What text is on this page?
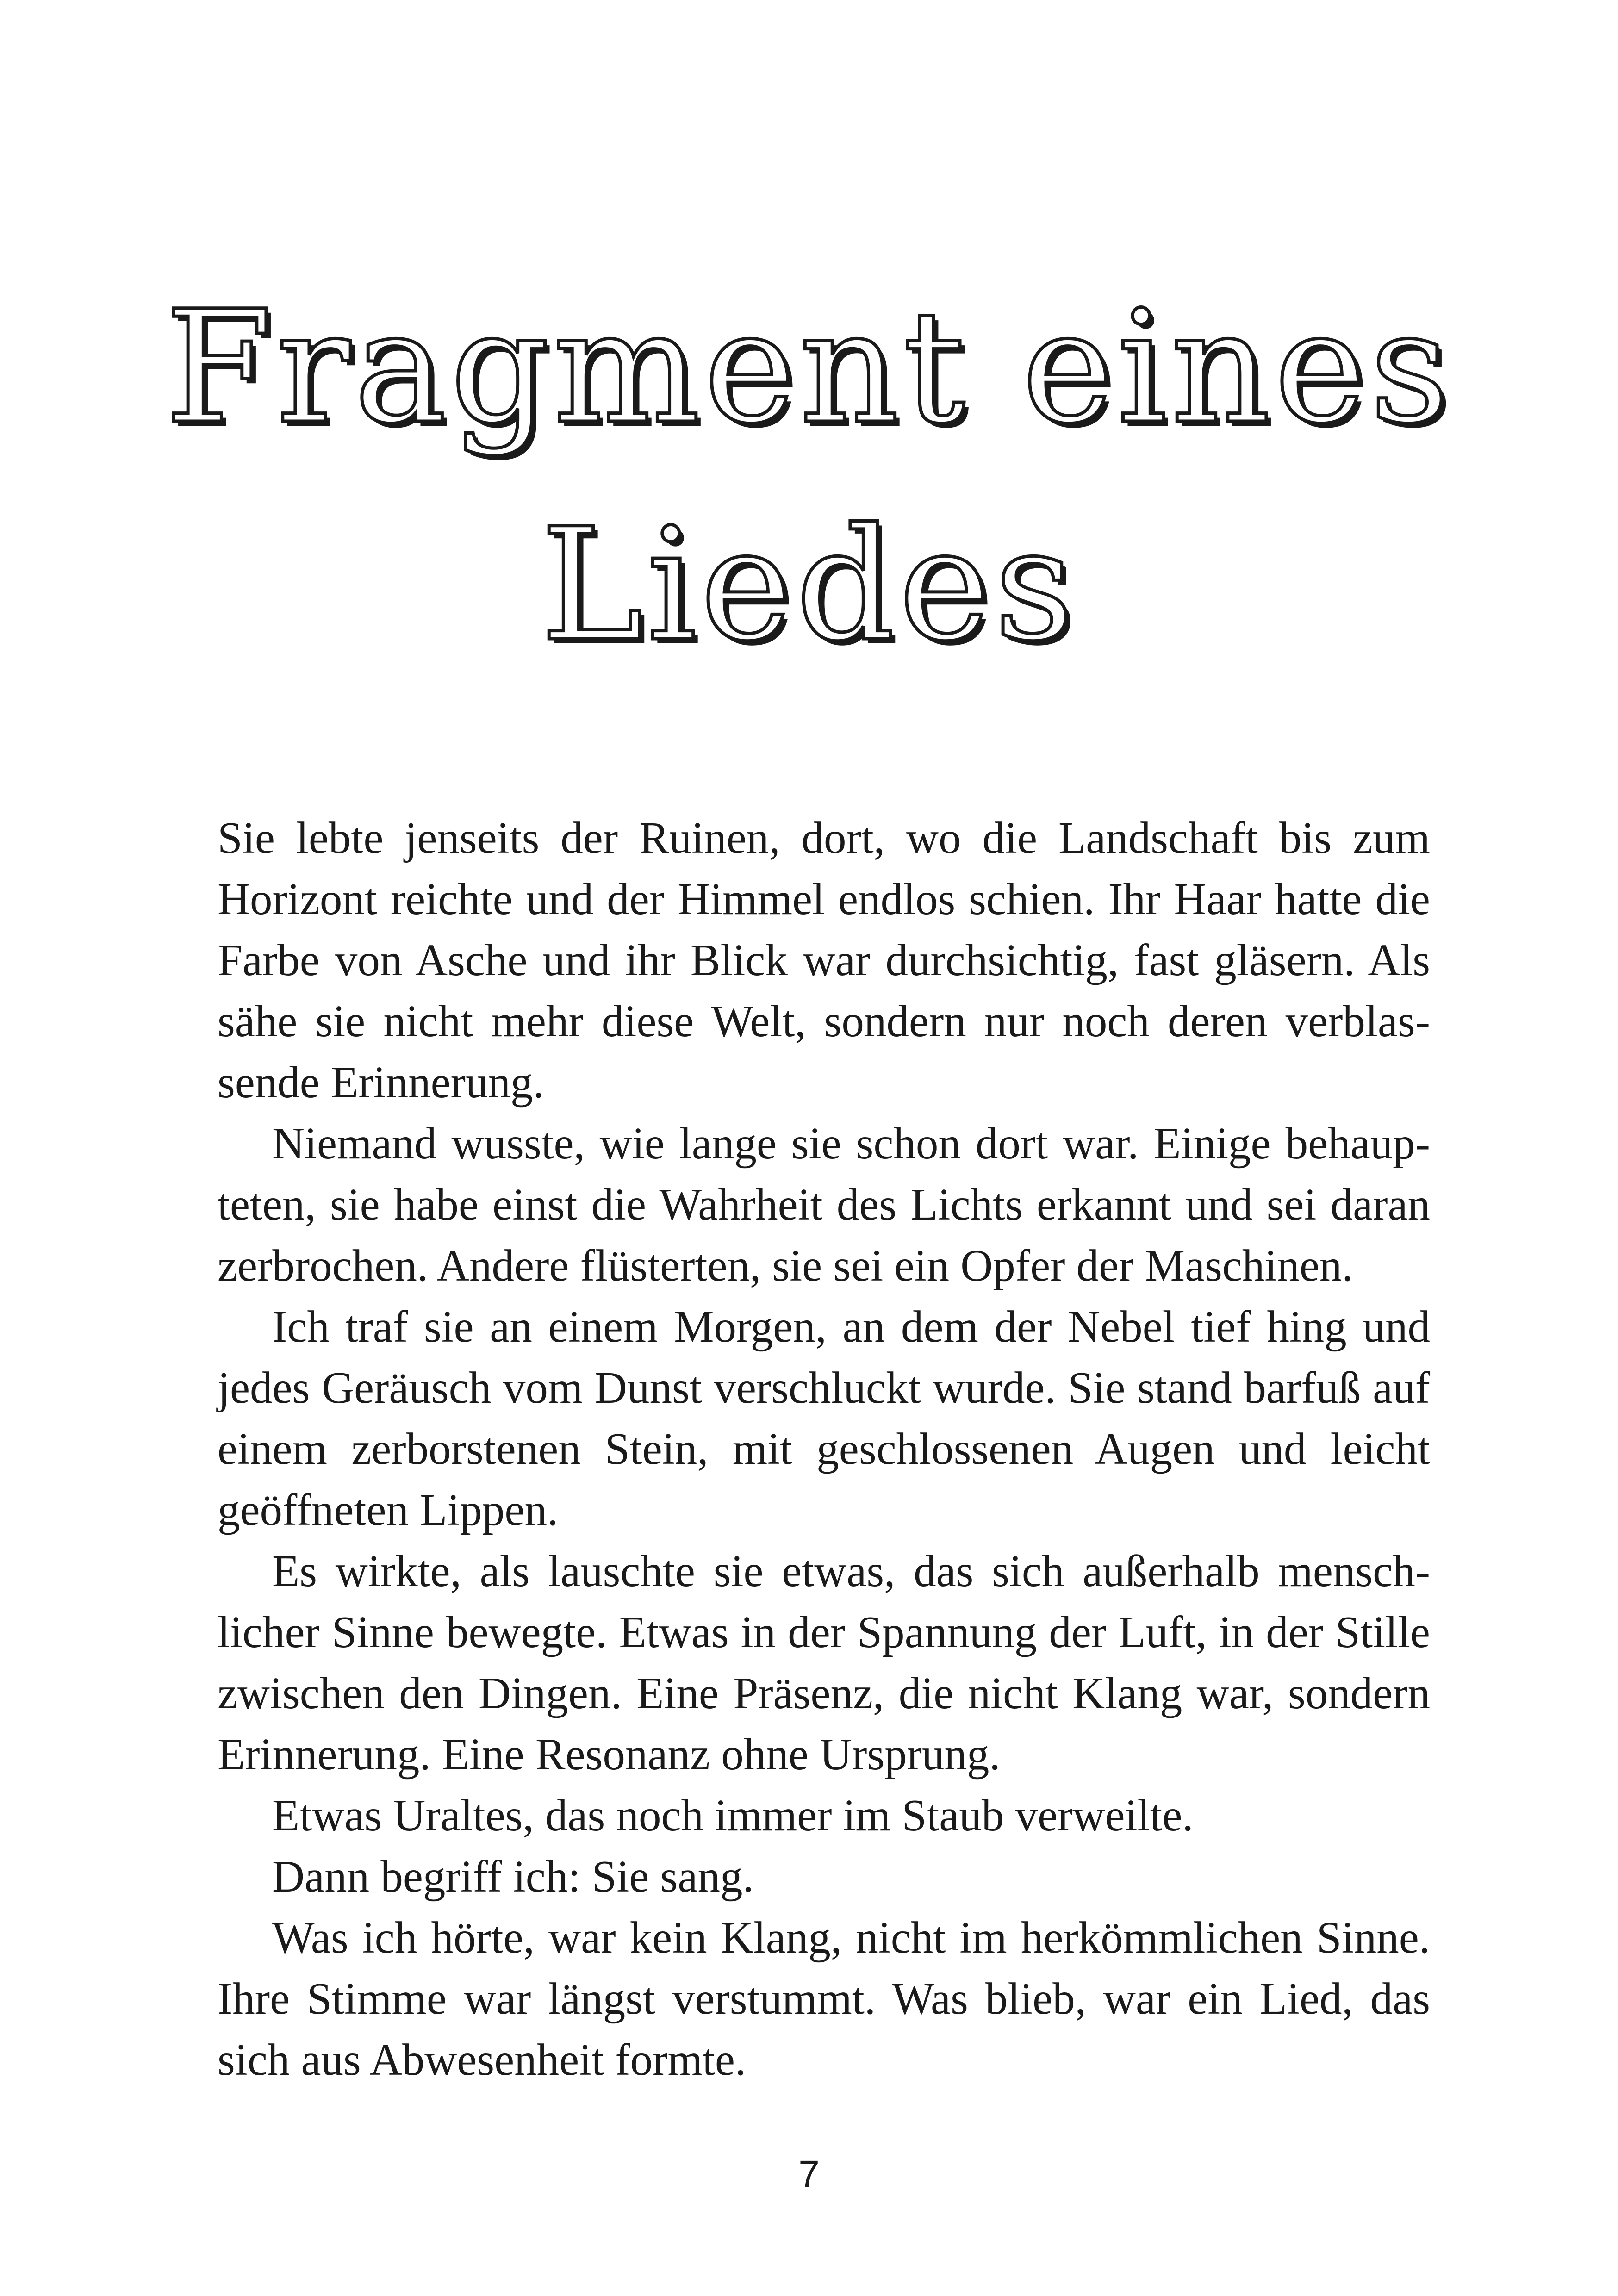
Fragment eines
Liedes

Sie lebte jenseits der Ruinen, dort, wo die Landschaft bis zum Horizont reichte und der Himmel endlos schien. Ihr Haar hatte die Farbe von Asche und ihr Blick war durchsichtig, fast gläsern. Als sähe sie nicht mehr diese Welt, sondern nur noch deren verblassende Erinnerung.

Niemand wusste, wie lange sie schon dort war. Einige behaupteten, sie habe einst die Wahrheit des Lichts erkannt und sei daran zerbrochen. Andere flüsterten, sie sei ein Opfer der Maschinen.

Ich traf sie an einem Morgen, an dem der Nebel tief hing und jedes Geräusch vom Dunst verschluckt wurde. Sie stand barfuß auf einem zerborstenen Stein, mit geschlossenen Augen und leicht geöffneten Lippen.

Es wirkte, als lauschte sie etwas, das sich außerhalb menschlicher Sinne bewegte. Etwas in der Spannung der Luft, in der Stille zwischen den Dingen. Eine Präsenz, die nicht Klang war, sondern Erinnerung. Eine Resonanz ohne Ursprung.

Etwas Uraltes, das noch immer im Staub verweilte.

Dann begriff ich: Sie sang.

Was ich hörte, war kein Klang, nicht im herkömmlichen Sinne. Ihre Stimme war längst verstummt. Was blieb, war ein Lied, das sich aus Abwesenheit formte.

7
